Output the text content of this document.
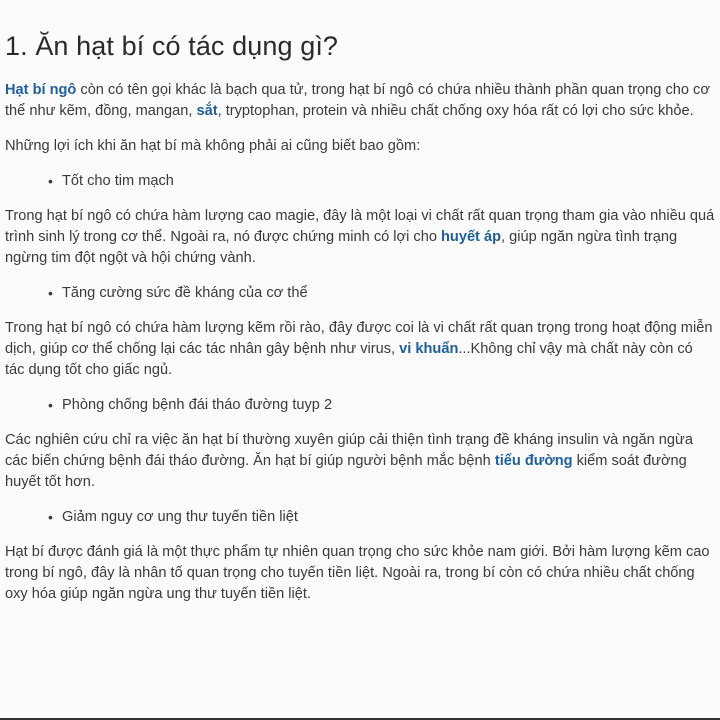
1. Ăn hạt bí có tác dụng gì?

Hạt bí ngô còn có tên gọi khác là bạch qua tử, trong hạt bí ngô có chứa nhiều thành phần quan trọng cho cơ thể như kẽm, đồng, mangan, sắt, tryptophan, protein và nhiều chất chống oxy hóa rất có lợi cho sức khỏe.

Những lợi ích khi ăn hạt bí mà không phải ai cũng biết bao gồm:

• Tốt cho tim mạch

Trong hạt bí ngô có chứa hàm lượng cao magie, đây là một loại vi chất rất quan trọng tham gia vào nhiều quá trình sinh lý trong cơ thể. Ngoài ra, nó được chứng minh có lợi cho huyết áp, giúp ngăn ngừa tình trạng ngừng tim đột ngột và hội chứng vành.

• Tăng cường sức đề kháng của cơ thể

Trong hạt bí ngô có chứa hàm lượng kẽm rồi rào, đây được coi là vi chất rất quan trọng trong hoạt động miễn dịch, giúp cơ thể chống lại các tác nhân gây bệnh như virus, vi khuẩn...Không chỉ vậy mà chất này còn có tác dụng tốt cho giấc ngủ.

• Phòng chống bệnh đái tháo đường tuyp 2

Các nghiên cứu chỉ ra việc ăn hạt bí thường xuyên giúp cải thiện tình trạng đề kháng insulin và ngăn ngừa các biến chứng bệnh đái tháo đường. Ăn hạt bí giúp người bệnh mắc bệnh tiểu đường kiểm soát đường huyết tốt hơn.

• Giảm nguy cơ ung thư tuyến tiền liệt

Hạt bí được đánh giá là một thực phẩm tự nhiên quan trọng cho sức khỏe nam giới. Bởi hàm lượng kẽm cao trong bí ngô, đây là nhân tố quan trọng cho tuyến tiền liệt. Ngoài ra, trong bí còn có chứa nhiều chất chống oxy hóa giúp ngăn ngừa ung thư tuyến tiền liệt.
